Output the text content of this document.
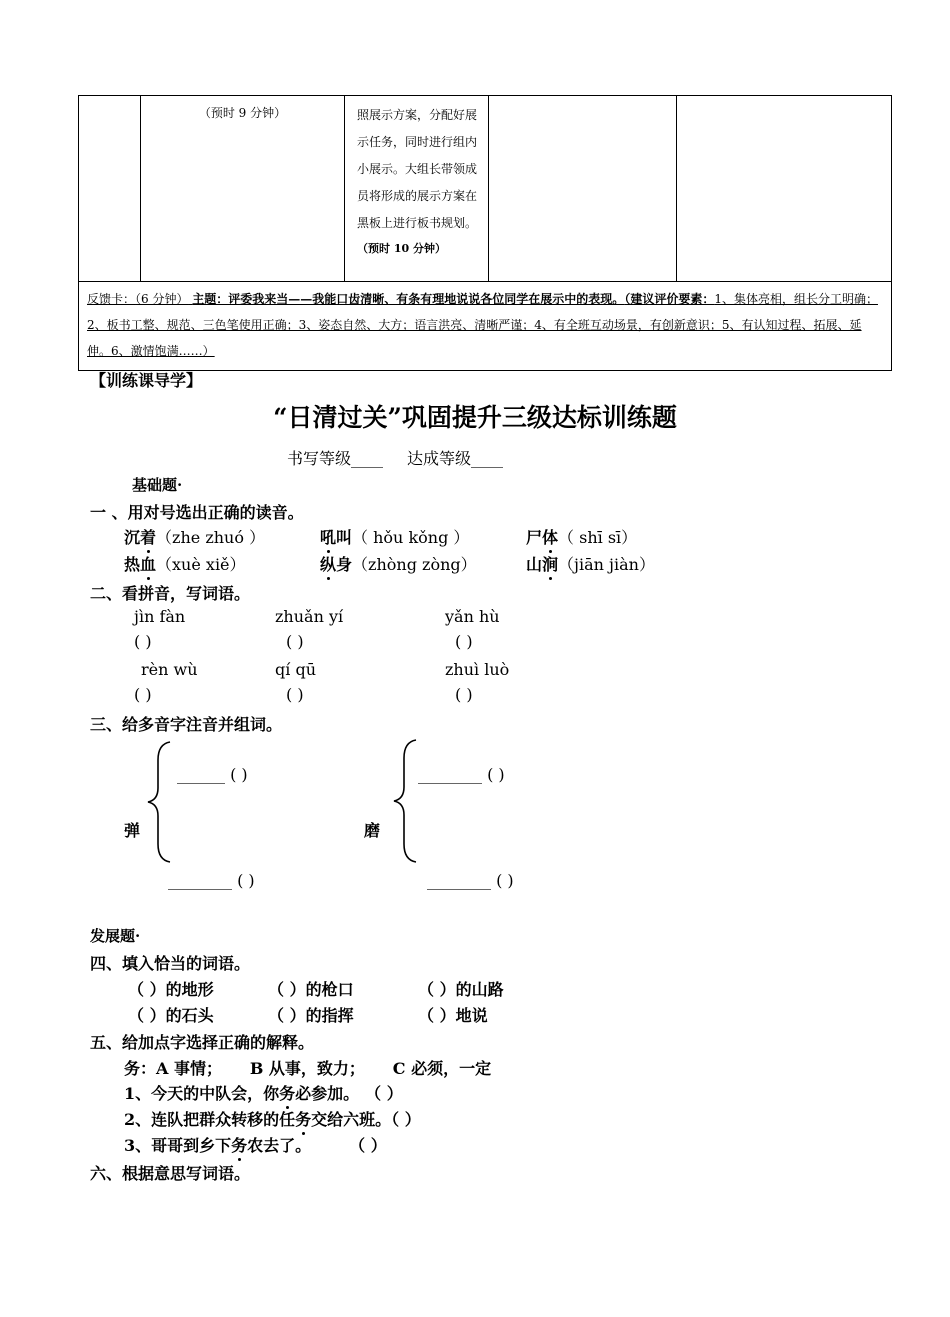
	（预时 9 分钟）	照展示方案，分配好展示任务，同时进行组内小展示。大组长带领成员将形成的展示方案在黑板上进行板书规划。
（预时 10 分钟）

反馈卡：（6 分钟） 主题：评委我来当——我能口齿清晰、有条有理地说说各位同学在展示中的表现。（建议评价要素：1、集体亮相，组长分工明确；2、板书工整、规范、三色笔使用正确；3、姿态自然、大方；语言洪亮、清晰严谨；4、有全班互动场景，有创新意识；5、有认知过程、拓展、延伸。6、激情饱满……）
【训练课导学】
“日清过关”巩固提升三级达标训练题
书写等级____ 达成等级____
基础题·
一 、用对号选出正确的读音。
沉着（zhe zhuó ）	吼叫（ hǒu kǒng ）	尸体（ shī sī）
热血（xuè xiě）	纵身（zhòng zòng）	山涧（jiān jiàn）
二、看拼音，写词语。
jìn fàn	zhuǎn yí	yǎn hù
( )	( )	( )
rèn wù	qí qū	zhuì luò
( )	( )	( )
三、给多音字注音并组词。
弹
______ ( )
________ ( )
磨
________ ( )
________ ( )
发展题·
四、填入恰当的词语。
（ ）的地形	（ ）的枪口	（ ）的山路
（ ）的石头	（ ）的指挥	（ ）地说
五、给加点字选择正确的解释。
务：A 事情；     B 从事，致力；     C 必须，一定
1、今天的中队会，你务必参加。 （ ）
2、连队把群众转移的任务交给六班。（ ）
3、哥哥到乡下务农去了。	（ ）
六、根据意思写词语。
